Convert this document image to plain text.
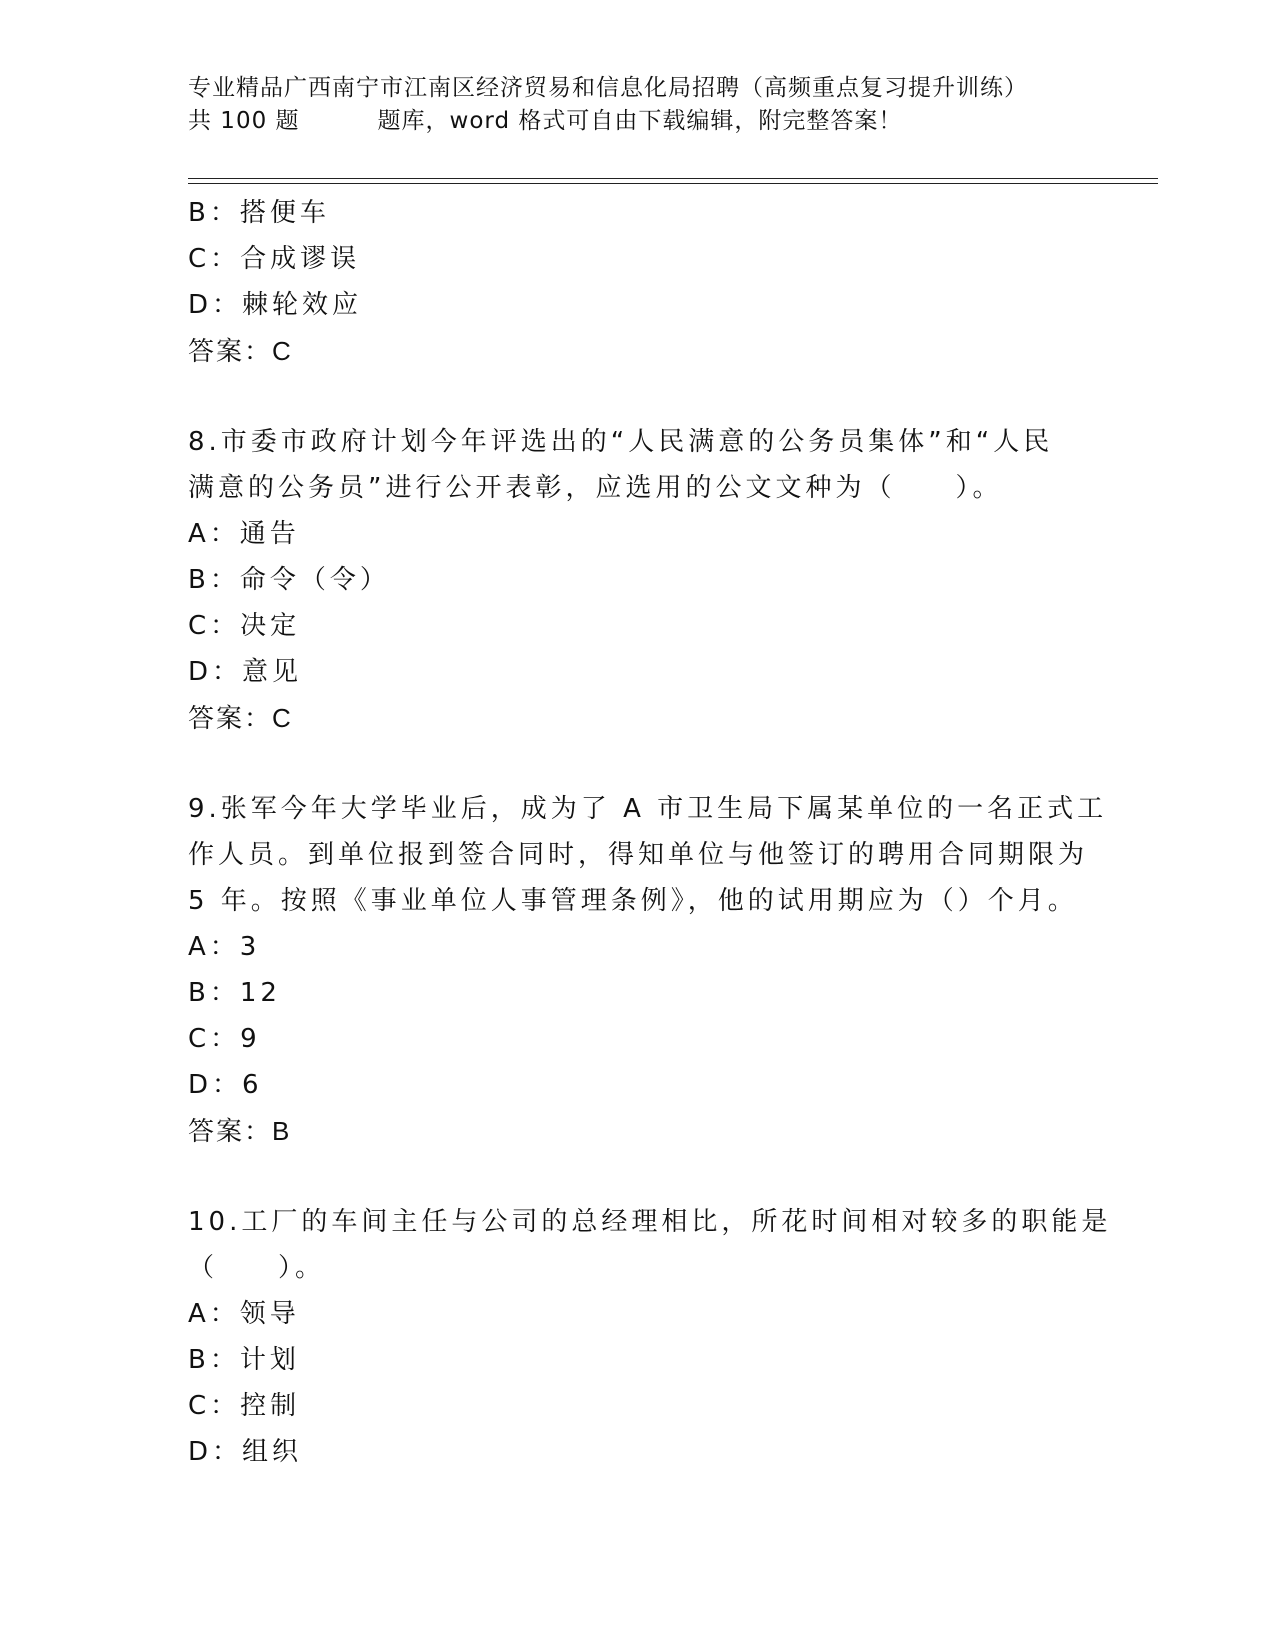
专业精品广西南宁市江南区经济贸易和信息化局招聘（高频重点复习提升训练）
共 100 题	题库，word 格式可自由下载编辑，附完整答案！
B：搭便车
C：合成谬误
D：棘轮效应
答案：C
8.市委市政府计划今年评选出的“人民满意的公务员集体”和“人民
满意的公务员”进行公开表彰，应选用的公文文种为（　　）。
A：通告
B：命令（令）
C：决定
D：意见
答案：C
9.张军今年大学毕业后，成为了 A 市卫生局下属某单位的一名正式工
作人员。到单位报到签合同时，得知单位与他签订的聘用合同期限为
5 年。按照《事业单位人事管理条例》，他的试用期应为（）个月。
A：3
B：12
C：9
D：6
答案：B
10.工厂的车间主任与公司的总经理相比，所花时间相对较多的职能是
（　　）。
A：领导
B：计划
C：控制
D：组织
